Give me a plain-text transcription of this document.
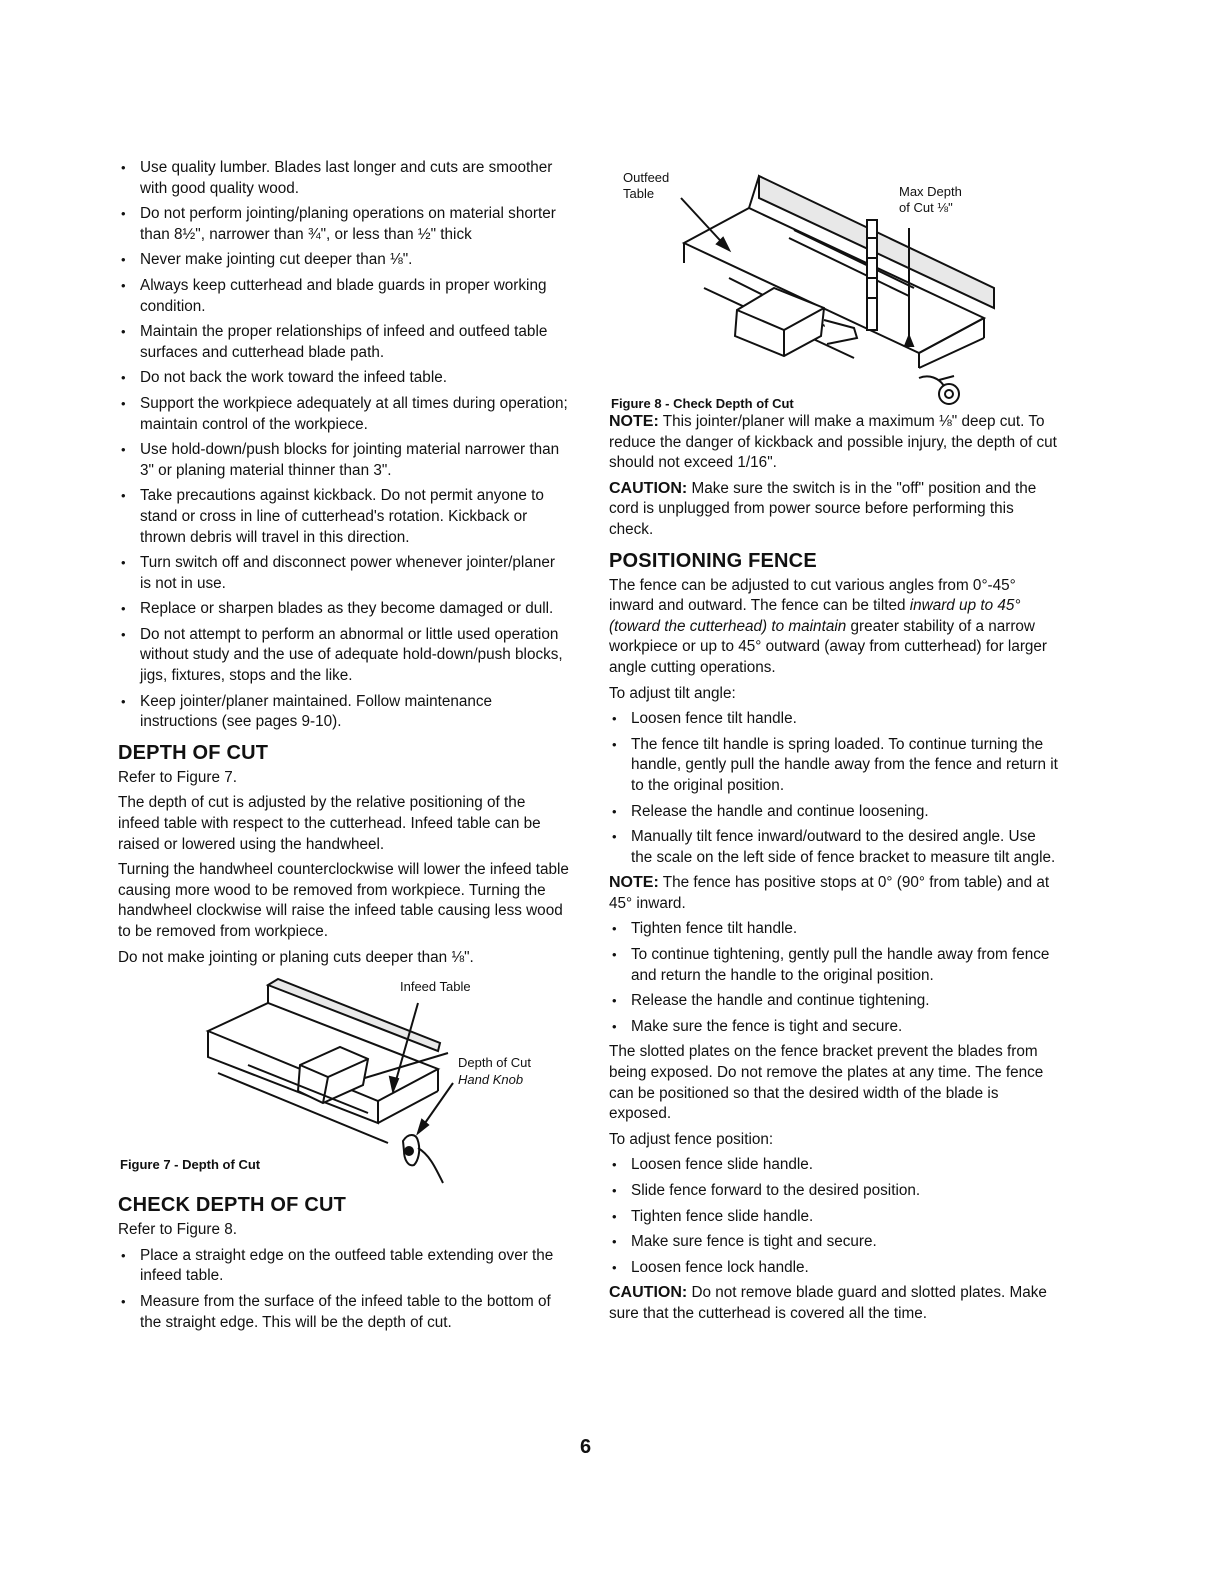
• Use quality lumber. Blades last longer and cuts are smoother with good quality wood.
• Do not perform jointing/planing operations on material shorter than 8½", narrower than ¾", or less than ½" thick
• Never make jointing cut deeper than ⅛".
• Always keep cutterhead and blade guards in proper working condition.
• Maintain the proper relationships of infeed and outfeed table surfaces and cutterhead blade path.
• Do not back the work toward the infeed table.
• Support the workpiece adequately at all times during operation; maintain control of the workpiece.
• Use hold-down/push blocks for jointing material narrower than 3" or planing material thinner than 3".
• Take precautions against kickback. Do not permit anyone to stand or cross in line of cutterhead's rotation. Kickback or thrown debris will travel in this direction.
• Turn switch off and disconnect power whenever jointer/planer is not in use.
• Replace or sharpen blades as they become damaged or dull.
• Do not attempt to perform an abnormal or little used operation without study and the use of adequate hold-down/push blocks, jigs, fixtures, stops and the like.
• Keep jointer/planer maintained. Follow maintenance instructions (see pages 9-10).
DEPTH OF CUT

Refer to Figure 7.

The depth of cut is adjusted by the relative positioning of the infeed table with respect to the cutterhead. Infeed table can be raised or lowered using the handwheel.

Turning the handwheel counterclockwise will lower the infeed table causing more wood to be removed from workpiece. Turning the handwheel clockwise will raise the infeed table causing less wood to be removed from workpiece.

Do not make jointing or planing cuts deeper than ⅛".

Infeed Table
Depth of Cut
Hand Knob
Figure 7 - Depth of Cut
CHECK DEPTH OF CUT

Refer to Figure 8.

• Place a straight edge on the outfeed table extending over the infeed table.
• Measure from the surface of the infeed table to the bottom of the straight edge. This will be the depth of cut.
Outfeed
Table	Max Depth
of Cut ⅛"
Figure 8 - Check Depth of Cut

NOTE: This jointer/planer will make a maximum ⅛" deep cut. To reduce the danger of kickback and possible injury, the depth of cut should not exceed 1/16".

CAUTION: Make sure the switch is in the "off" position and the cord is unplugged from power source before performing this check.

POSITIONING FENCE

The fence can be adjusted to cut various angles from 0°-45° inward and outward. The fence can be tilted inward up to 45° (toward the cutterhead) to maintain greater stability of a narrow workpiece or up to 45° outward (away from cutterhead) for larger angle cutting operations.

To adjust tilt angle:

• Loosen fence tilt handle.
• The fence tilt handle is spring loaded. To continue turning the handle, gently pull the handle away from the fence and return it to the original position.
• Release the handle and continue loosening.
• Manually tilt fence inward/outward to the desired angle. Use the scale on the left side of fence bracket to measure tilt angle.

NOTE: The fence has positive stops at 0° (90° from table) and at 45° inward.

• Tighten fence tilt handle.
• To continue tightening, gently pull the handle away from fence and return the handle to the original position.
• Release the handle and continue tightening.
• Make sure the fence is tight and secure.

The slotted plates on the fence bracket prevent the blades from being exposed. Do not remove the plates at any time. The fence can be positioned so that the desired width of the blade is exposed.

To adjust fence position:

• Loosen fence slide handle.
• Slide fence forward to the desired position.
• Tighten fence slide handle.
• Make sure fence is tight and secure.
• Loosen fence lock handle.

CAUTION: Do not remove blade guard and slotted plates. Make sure that the cutterhead is covered all the time.

6
